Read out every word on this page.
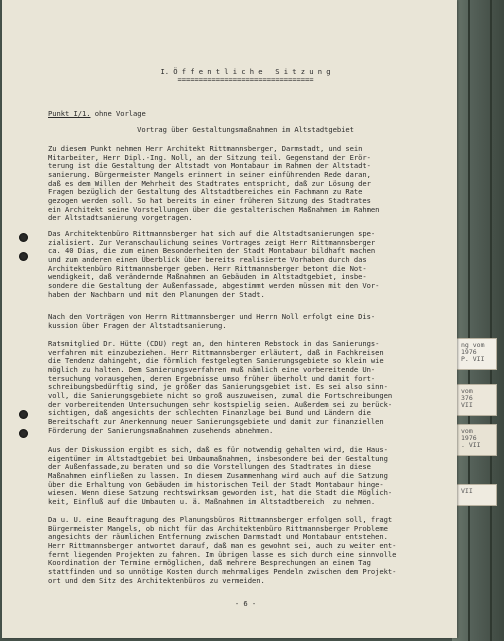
ng vom
1976
P. VII
vom
376
VII
vom
1976
. VII
VII

I. Ö f f e n t l i c h e   S i t z u n g

================================

Punkt I/1. ohne Vorlage

Vortrag über Gestaltungsmaßnahmen im Altstadtgebiet

Zu diesem Punkt nehmen Herr Architekt Rittmannsberger, Darmstadt, und sein
Mitarbeiter, Herr Dipl.-Ing. Noll, an der Sitzung teil. Gegenstand der Erör-
terung ist die Gestaltung der Altstadt von Montabaur im Rahmen der Altstadt-
sanierung. Bürgermeister Mangels erinnert in seiner einführenden Rede daran,
daß es dem Willen der Mehrheit des Stadtrates entspricht, daß zur Lösung der
Fragen bezüglich der Gestaltung des Altstadtbereiches ein Fachmann zu Rate
gezogen werden soll. So hat bereits in einer früheren Sitzung des Stadtrates
ein Architekt seine Vorstellungen über die gestalterischen Maßnahmen im Rahmen
der Altstadtsanierung vorgetragen.

Das Architektenbüro Rittmannsberger hat sich auf die Altstadtsanierungen spe-
zialisiert. Zur Veranschaulichung seines Vortrages zeigt Herr Rittmannsberger
ca. 40 Dias, die zum einen Besonderheiten der Stadt Montabaur bildhaft machen
und zum anderen einen Überblick über bereits realisierte Vorhaben durch das
Architektenbüro Rittmannsberger geben. Herr Rittmannsberger betont die Not-
wendigkeit, daß verändernde Maßnahmen an Gebäuden im Altstadtgebiet, insbe-
sondere die Gestaltung der Außenfassade, abgestimmt werden müssen mit den Vor-
haben der Nachbarn und mit den Planungen der Stadt.

Nach den Vorträgen von Herrn Rittmannsberger und Herrn Noll erfolgt eine Dis-
kussion über Fragen der Altstadtsanierung.

Ratsmitglied Dr. Hütte (CDU) regt an, den hinteren Rebstock in das Sanierungs-
verfahren mit einzubeziehen. Herr Rittmannsberger erläutert, daß in Fachkreisen
die Tendenz dahingeht, die förmlich festgelegten Sanierungsgebiete so klein wie
möglich zu halten. Dem Sanierungsverfahren muß nämlich eine vorbereitende Un-
tersuchung vorausgehen, deren Ergebnisse umso früher überholt und damit fort-
schreibungsbedürftig sind, je größer das Sanierungsgebiet ist. Es sei also sinn-
voll, die Sanierungsgebiete nicht so groß auszuweisen, zumal die Fortschreibungen
der vorbereitenden Untersuchungen sehr kostspielig seien. Außerdem sei zu berück-
sichtigen, daß angesichts der schlechten Finanzlage bei Bund und Ländern die
Bereitschaft zur Anerkennung neuer Sanierungsgebiete und damit zur finanziellen
Förderung der Sanierungsmaßnahmen zusehends abnehmen.

Aus der Diskussion ergibt es sich, daß es für notwendig gehalten wird, die Haus-
eigentümer im Altstadtgebiet bei Umbaumaßnahmen, insbesondere bei der Gestaltung
der Außenfassade,zu beraten und so die Vorstellungen des Stadtrates in diese
Maßnahmen einfließen zu lassen. In diesem Zusammenhang wird auch auf die Satzung
über die Erhaltung von Gebäuden im historischen Teil der Stadt Montabaur hinge-
wiesen. Wenn diese Satzung rechtswirksam geworden ist, hat die Stadt die Möglich-
keit, Einfluß auf die Umbauten u. ä. Maßnahmen im Altstadtbereich  zu nehmen.

Da u. U. eine Beauftragung des Planungsbüros Rittmannsberger erfolgen soll, fragt
Bürgermeister Mangels, ob nicht für das Architektenbüro Rittmannsberger Probleme
angesichts der räumlichen Entfernung zwischen Darmstadt und Montabaur entstehen.
Herr Rittmannsberger antwortet darauf, daß man es gewohnt sei, auch zu weiter ent-
fernt liegenden Projekten zu fahren. Im übrigen lasse es sich durch eine sinnvolle
Koordination der Termine ermöglichen, daß mehrere Besprechungen an einem Tag
stattfinden und so unnötige Kosten durch mehrmaliges Pendeln zwischen dem Projekt-
ort und dem Sitz des Architektenbüros zu vermeiden.

- 6 -
